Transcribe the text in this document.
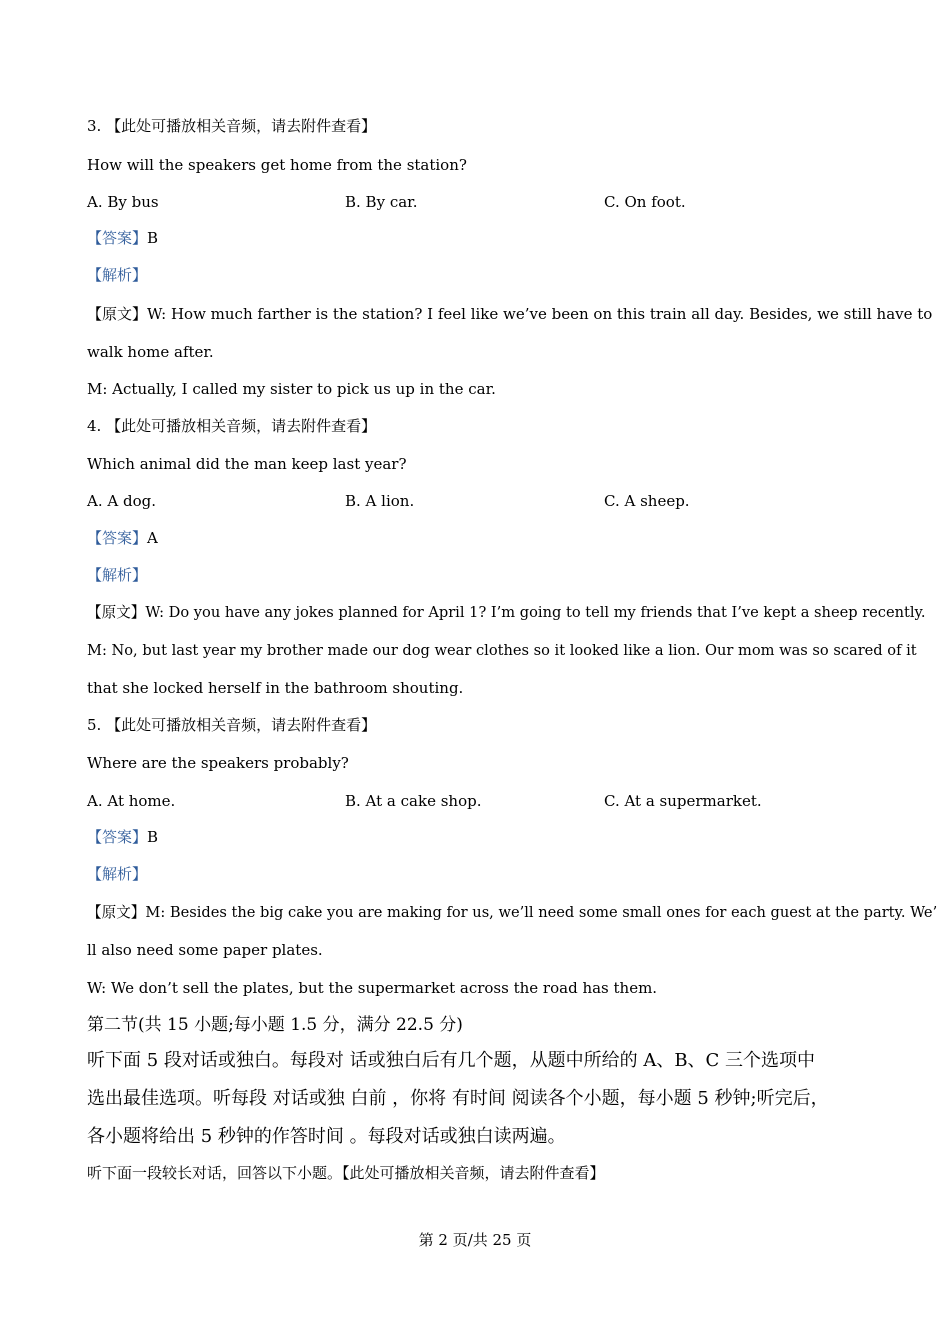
3. 【此处可播放相关音频，请去附件查看】
How will the speakers get home from the station?
A. By bus	B. By car.	C. On foot.
【答案】B
【解析】
【原文】W: How much farther is the station? I feel like we’ve been on this train all day. Besides, we still have to
walk home after.
M: Actually, I called my sister to pick us up in the car.
4. 【此处可播放相关音频，请去附件查看】
Which animal did the man keep last year?
A. A dog.	B. A lion.	C. A sheep.
【答案】A
【解析】
【原文】W: Do you have any jokes planned for April 1? I’m going to tell my friends that I’ve kept a sheep recently.
M: No, but last year my brother made our dog wear clothes so it looked like a lion. Our mom was so scared of it
that she locked herself in the bathroom shouting.
5. 【此处可播放相关音频，请去附件查看】
Where are the speakers probably?
A. At home.	B. At a cake shop.	C. At a supermarket.
【答案】B
【解析】
【原文】M: Besides the big cake you are making for us, we’ll need some small ones for each guest at the party. We’
ll also need some paper plates.
W: We don’t sell the plates, but the supermarket across the road has them.
第二节(共 15 小题;每小题 1.5 分，满分 22.5 分)
听下面 5 段对话或独白。每段对 话或独白后有几个题，从题中所给的 A、B、C 三个选项中
选出最佳选项。听每段 对话或独 白前 ，你将 有时间 阅读各个小题，每小题 5 秒钟;听完后，
各小题将给出 5 秒钟的作答时间 。每段对话或独白读两遍。
听下面一段较长对话，回答以下小题。【此处可播放相关音频，请去附件查看】
第 2 页/共 25 页
